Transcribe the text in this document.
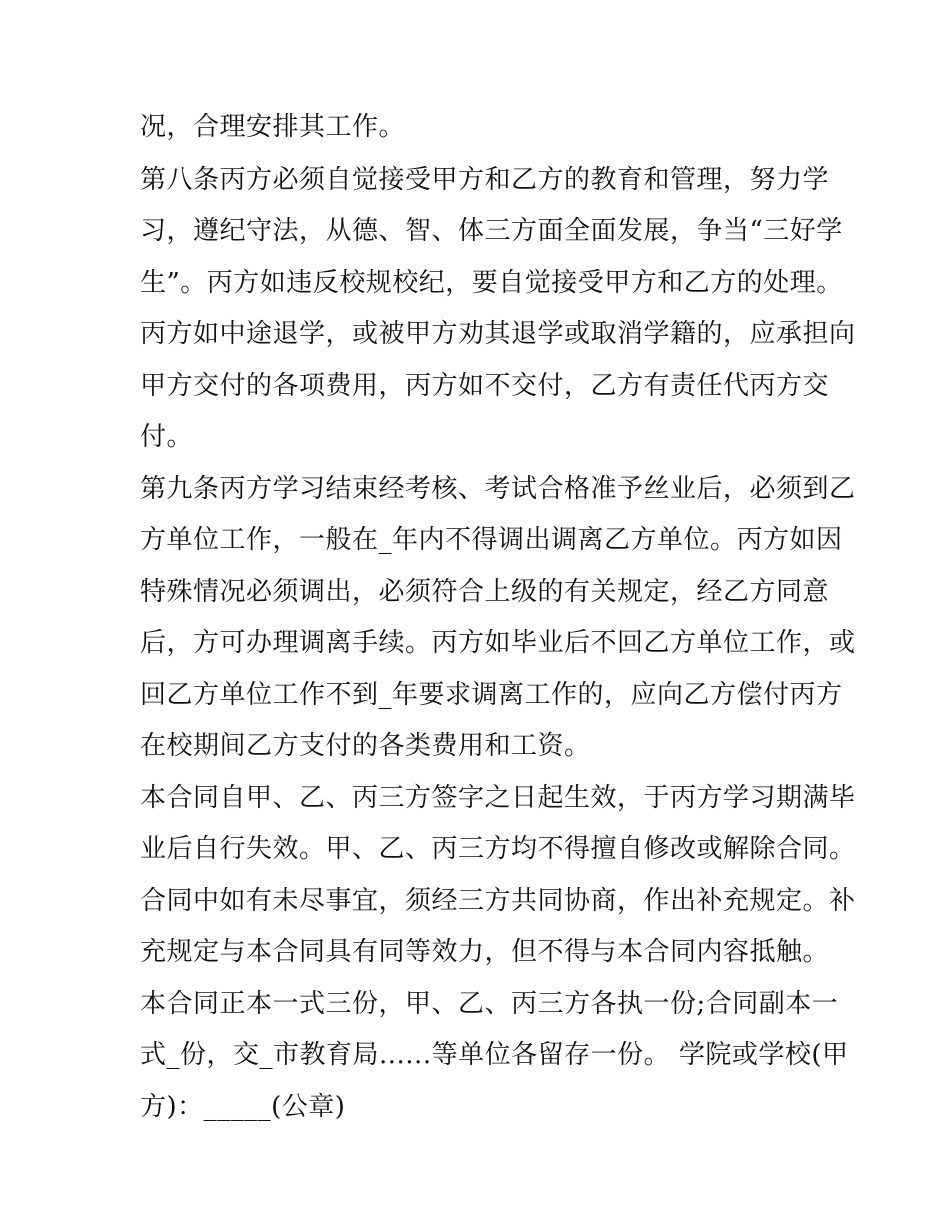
况，合理安排其工作。
第八条丙方必须自觉接受甲方和乙方的教育和管理，努力学
习，遵纪守法，从德、智、体三方面全面发展，争当“三好学
生”。丙方如违反校规校纪，要自觉接受甲方和乙方的处理。
丙方如中途退学，或被甲方劝其退学或取消学籍的，应承担向
甲方交付的各项费用，丙方如不交付，乙方有责任代丙方交
付。
第九条丙方学习结束经考核、考试合格准予丝业后，必须到乙
方单位工作，一般在_年内不得调出调离乙方单位。丙方如因
特殊情况必须调出，必须符合上级的有关规定，经乙方同意
后，方可办理调离手续。丙方如毕业后不回乙方单位工作，或
回乙方单位工作不到_年要求调离工作的，应向乙方偿付丙方
在校期间乙方支付的各类费用和工资。
本合同自甲、乙、丙三方签字之日起生效，于丙方学习期满毕
业后自行失效。甲、乙、丙三方均不得擅自修改或解除合同。
合同中如有未尽事宜，须经三方共同协商，作出补充规定。补
充规定与本合同具有同等效力，但不得与本合同内容抵触。
本合同正本一式三份，甲、乙、丙三方各执一份;合同副本一
式_份，交_市教育局......等单位各留存一份。 学院或学校(甲
方)：_____(公章)
